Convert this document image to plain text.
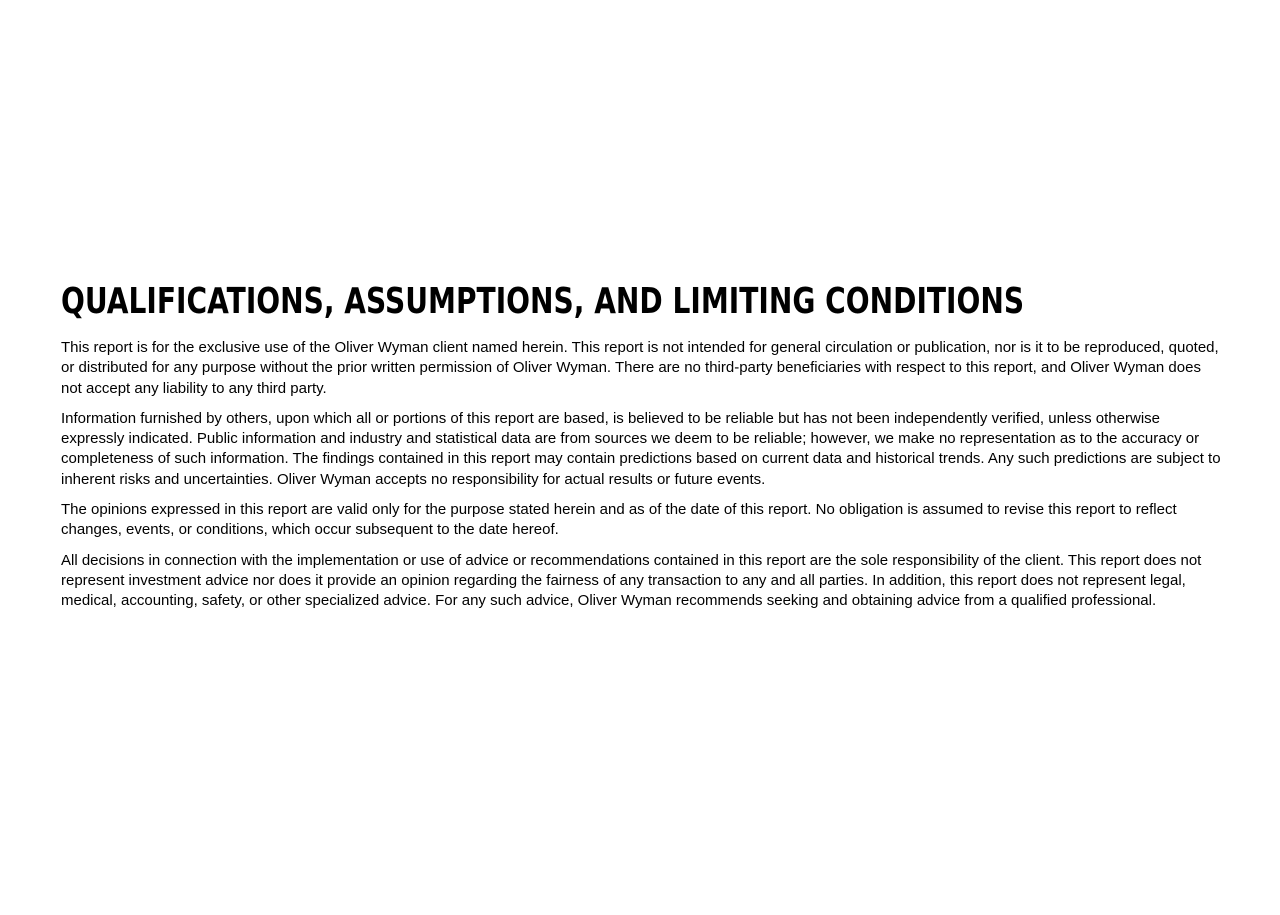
QUALIFICATIONS, ASSUMPTIONS, AND LIMITING CONDITIONS

This report is for the exclusive use of the Oliver Wyman client named herein. This report is not intended for general circulation or publication, nor is it to be reproduced, quoted, or distributed for any purpose without the prior written permission of Oliver Wyman. There are no third-party beneficiaries with respect to this report, and Oliver Wyman does not accept any liability to any third party.

Information furnished by others, upon which all or portions of this report are based, is believed to be reliable but has not been independently verified, unless otherwise expressly indicated. Public information and industry and statistical data are from sources we deem to be reliable; however, we make no representation as to the accuracy or completeness of such information. The findings contained in this report may contain predictions based on current data and historical trends. Any such predictions are subject to inherent risks and uncertainties. Oliver Wyman accepts no responsibility for actual results or future events.

The opinions expressed in this report are valid only for the purpose stated herein and as of the date of this report. No obligation is assumed to revise this report to reflect changes, events, or conditions, which occur subsequent to the date hereof.

All decisions in connection with the implementation or use of advice or recommendations contained in this report are the sole responsibility of the client. This report does not represent investment advice nor does it provide an opinion regarding the fairness of any transaction to any and all parties. In addition, this report does not represent legal, medical, accounting, safety, or other specialized advice. For any such advice, Oliver Wyman recommends seeking and obtaining advice from a qualified professional.
